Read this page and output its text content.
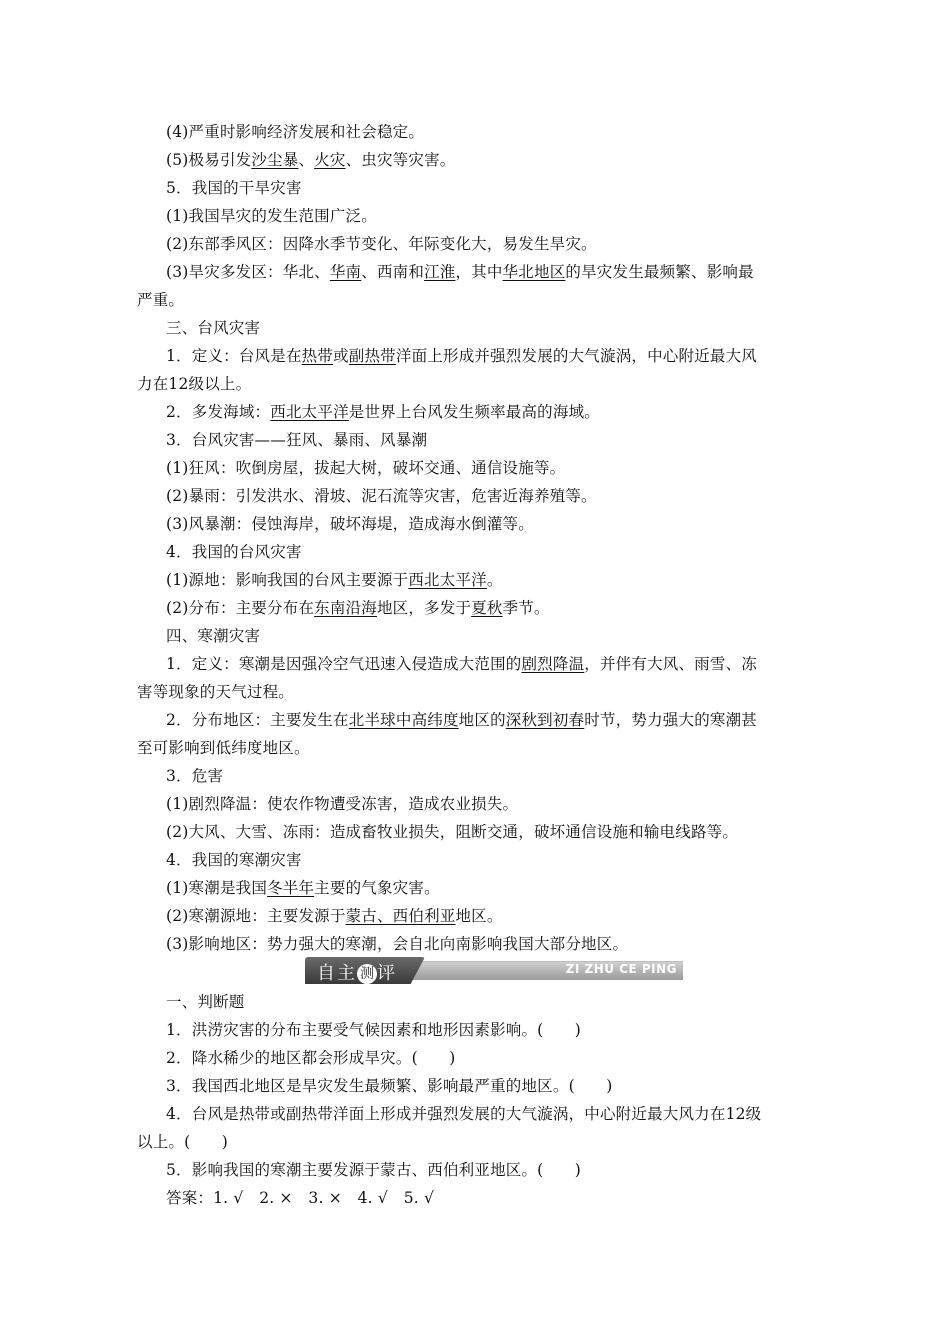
(4)严重时影响经济发展和社会稳定。
(5)极易引发沙尘暴、火灾、虫灾等灾害。
5．我国的干旱灾害
(1)我国旱灾的发生范围广泛。
(2)东部季风区：因降水季节变化、年际变化大，易发生旱灾。
(3)旱灾多发区：华北、华南、西南和江淮，其中华北地区的旱灾发生最频繁、影响最
严重。
三、台风灾害
1．定义：台风是在热带或副热带洋面上形成并强烈发展的大气漩涡，中心附近最大风
力在12级以上。
2．多发海域：西北太平洋是世界上台风发生频率最高的海域。
3．台风灾害——狂风、暴雨、风暴潮
(1)狂风：吹倒房屋，拔起大树，破坏交通、通信设施等。
(2)暴雨：引发洪水、滑坡、泥石流等灾害，危害近海养殖等。
(3)风暴潮：侵蚀海岸，破坏海堤，造成海水倒灌等。
4．我国的台风灾害
(1)源地：影响我国的台风主要源于西北太平洋。
(2)分布：主要分布在东南沿海地区，多发于夏秋季节。
四、寒潮灾害
1．定义：寒潮是因强冷空气迅速入侵造成大范围的剧烈降温，并伴有大风、雨雪、冻
害等现象的天气过程。
2．分布地区：主要发生在北半球中高纬度地区的深秋到初春时节，势力强大的寒潮甚
至可影响到低纬度地区。
3．危害
(1)剧烈降温：使农作物遭受冻害，造成农业损失。
(2)大风、大雪、冻雨：造成畜牧业损失，阻断交通，破坏通信设施和输电线路等。
4．我国的寒潮灾害
(1)寒潮是我国冬半年主要的气象灾害。
(2)寒潮源地：主要发源于蒙古、西伯利亚地区。
(3)影响地区：势力强大的寒潮，会自北向南影响我国大部分地区。
自主 测 评	ZI ZHU CE PING
一、判断题
1．洪涝灾害的分布主要受气候因素和地形因素影响。(　　)
2．降水稀少的地区都会形成旱灾。(　　)
3．我国西北地区是旱灾发生最频繁、影响最严重的地区。(　　)
4．台风是热带或副热带洋面上形成并强烈发展的大气漩涡，中心附近最大风力在12级
以上。(　　)
5．影响我国的寒潮主要发源于蒙古、西伯利亚地区。(　　)
答案：1. √　2. ×　3. ×　4. √　5. √
